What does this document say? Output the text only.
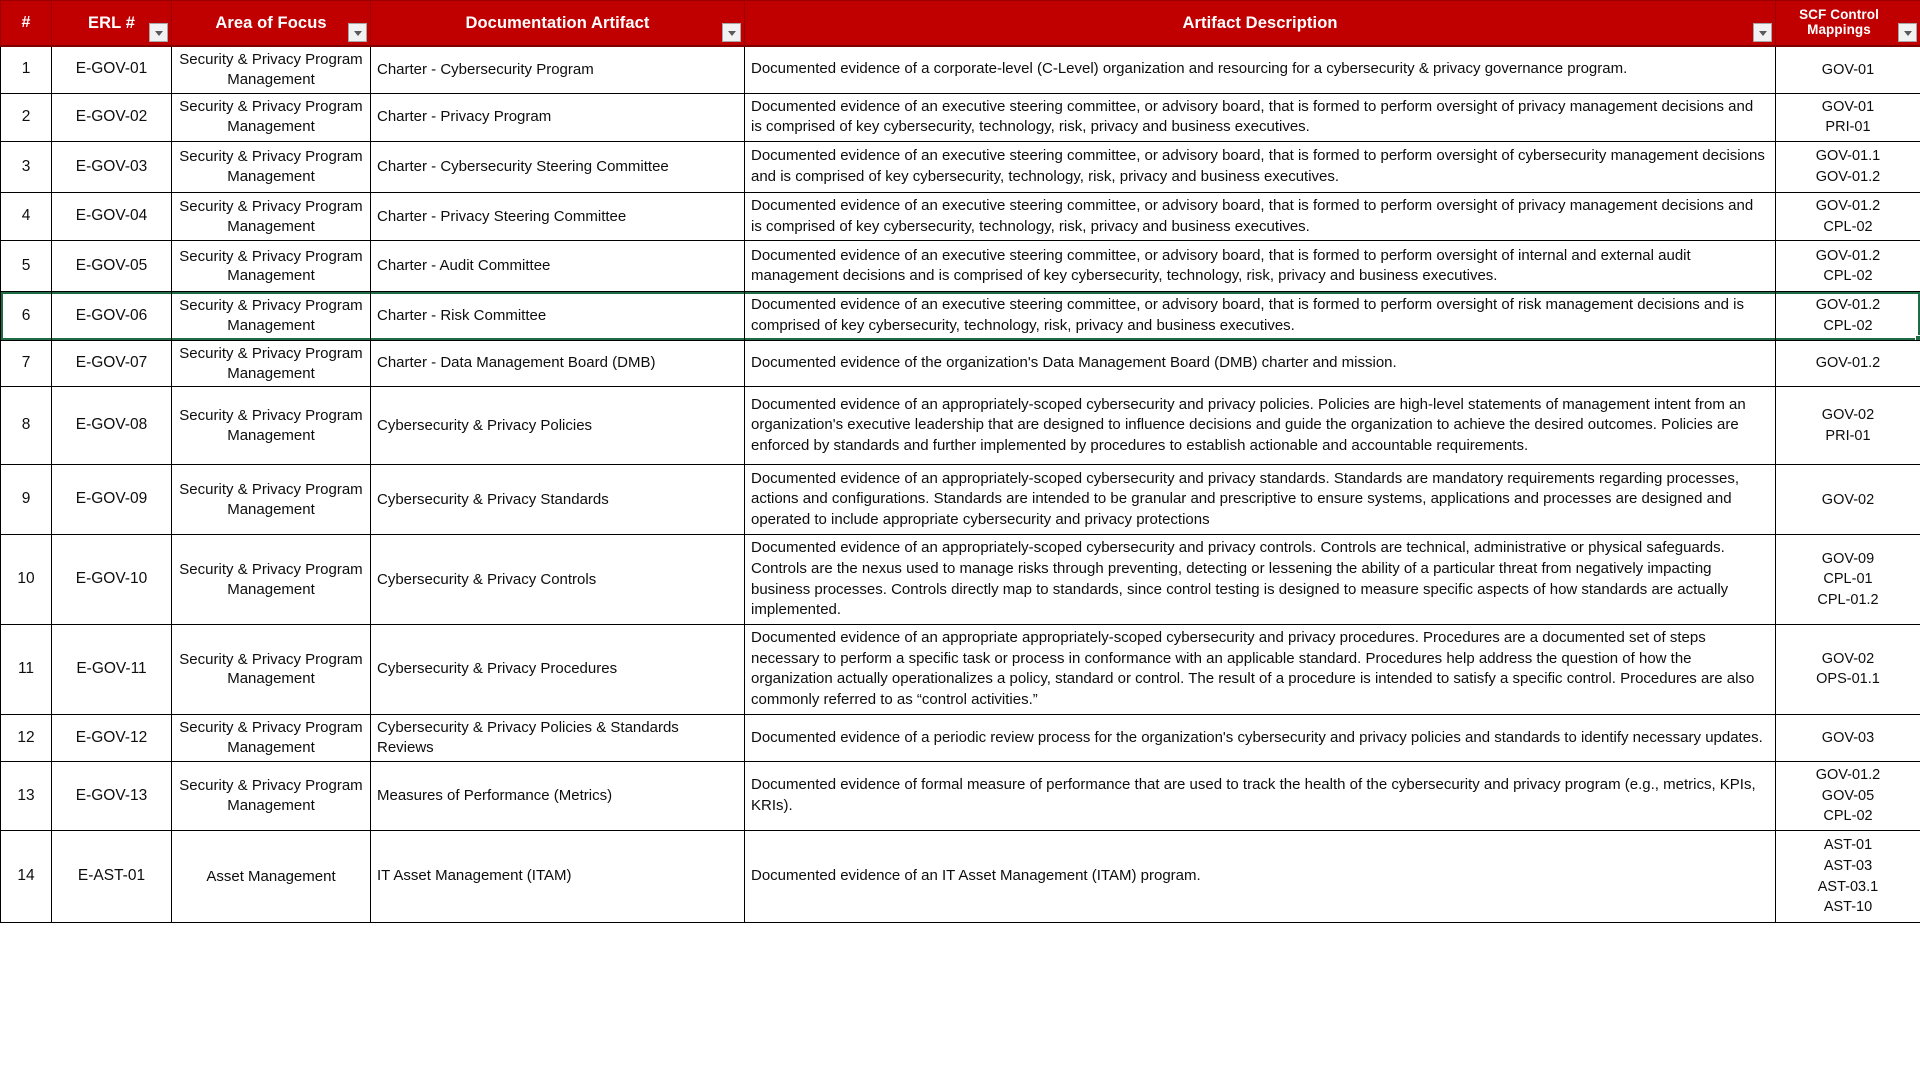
#	ERL #	Area of Focus	Documentation Artifact	Artifact Description	SCF Control Mappings

1	E-GOV-01	Security & Privacy Program Management	Charter - Cybersecurity Program	Documented evidence of a corporate-level (C-Level) organization and resourcing for a cybersecurity & privacy governance program.	GOV-01

2	E-GOV-02	Security & Privacy Program Management	Charter - Privacy Program	Documented evidence of an executive steering committee, or advisory board, that is formed to perform oversight of privacy management decisions and is comprised of key cybersecurity, technology, risk, privacy and business executives.	GOV-01
PRI-01

3	E-GOV-03	Security & Privacy Program Management	Charter - Cybersecurity Steering Committee	Documented evidence of an executive steering committee, or advisory board, that is formed to perform oversight of cybersecurity management decisions and is comprised of key cybersecurity, technology, risk, privacy and business executives.	GOV-01.1
GOV-01.2

4	E-GOV-04	Security & Privacy Program Management	Charter - Privacy Steering Committee	Documented evidence of an executive steering committee, or advisory board, that is formed to perform oversight of privacy management decisions and is comprised of key cybersecurity, technology, risk, privacy and business executives.	GOV-01.2
CPL-02

5	E-GOV-05	Security & Privacy Program Management	Charter - Audit Committee	Documented evidence of an executive steering committee, or advisory board, that is formed to perform oversight of internal and external audit management decisions and is comprised of key cybersecurity, technology, risk, privacy and business executives.	GOV-01.2
CPL-02

6	E-GOV-06	Security & Privacy Program Management	Charter - Risk Committee	Documented evidence of an executive steering committee, or advisory board, that is formed to perform oversight of risk management decisions and is comprised of key cybersecurity, technology, risk, privacy and business executives.	GOV-01.2
CPL-02

7	E-GOV-07	Security & Privacy Program Management	Charter - Data Management Board (DMB)	Documented evidence of the organization's Data Management Board (DMB) charter and mission.	GOV-01.2

8	E-GOV-08	Security & Privacy Program Management	Cybersecurity & Privacy Policies	Documented evidence of an appropriately-scoped cybersecurity and privacy policies. Policies are high-level statements of management intent from an organization's executive leadership that are designed to influence decisions and guide the organization to achieve the desired outcomes. Policies are enforced by standards and further implemented by procedures to establish actionable and accountable requirements.	GOV-02
PRI-01

9	E-GOV-09	Security & Privacy Program Management	Cybersecurity & Privacy Standards	Documented evidence of an appropriately-scoped cybersecurity and privacy standards. Standards are mandatory requirements regarding processes, actions and configurations. Standards are intended to be granular and prescriptive to ensure systems, applications and processes are designed and operated to include appropriate cybersecurity and privacy protections	GOV-02

10	E-GOV-10	Security & Privacy Program Management	Cybersecurity & Privacy Controls	Documented evidence of an appropriately-scoped cybersecurity and privacy controls. Controls are technical, administrative or physical safeguards. Controls are the nexus used to manage risks through preventing, detecting or lessening the ability of a particular threat from negatively impacting business processes. Controls directly map to standards, since control testing is designed to measure specific aspects of how standards are actually implemented.	
GOV-09
CPL-01
CPL-01.2

11	E-GOV-11	Security & Privacy Program Management	Cybersecurity & Privacy Procedures	Documented evidence of an appropriate appropriately-scoped cybersecurity and privacy procedures. Procedures are a documented set of steps necessary to perform a specific task or process in conformance with an applicable standard. Procedures help address the question of how the organization actually operationalizes a policy, standard or control. The result of a procedure is intended to satisfy a specific control. Procedures are also commonly referred to as “control activities.”	GOV-02
OPS-01.1

12	E-GOV-12	Security & Privacy Program Management	Cybersecurity & Privacy Policies & Standards Reviews	Documented evidence of a periodic review process for the organization's cybersecurity and privacy policies and standards to identify necessary updates.	GOV-03

13	E-GOV-13	Security & Privacy Program Management	Measures of Performance (Metrics)	Documented evidence of formal measure of performance that are used to track the health of the cybersecurity and privacy program (e.g., metrics, KPIs, KRIs).	GOV-01.2
GOV-05
CPL-02

14	E-AST-01	Asset Management	IT Asset Management (ITAM)	Documented evidence of an IT Asset Management (ITAM) program.	AST-01
AST-03
AST-03.1
AST-10
